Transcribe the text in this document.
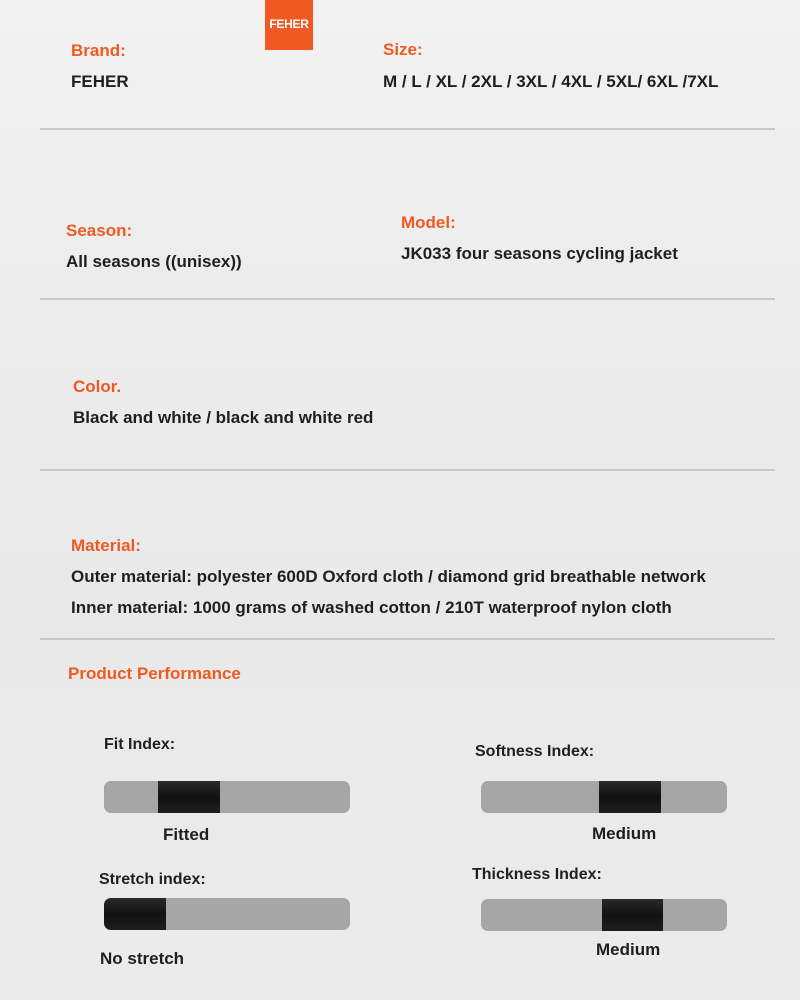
FEHER
Brand:
FEHER
Size:
M / L / XL / 2XL / 3XL / 4XL / 5XL/ 6XL /7XL
Season:
All seasons ((unisex))
Model:
JK033 four seasons cycling jacket
Color.
Black and white / black and white red
Material:
Outer material: polyester 600D Oxford cloth / diamond grid breathable network
Inner material: 1000 grams of washed cotton / 210T waterproof nylon cloth
Product Performance
Fit Index:
Fitted
Softness Index:
Medium
Stretch index:
No stretch
Thickness Index:
Medium
